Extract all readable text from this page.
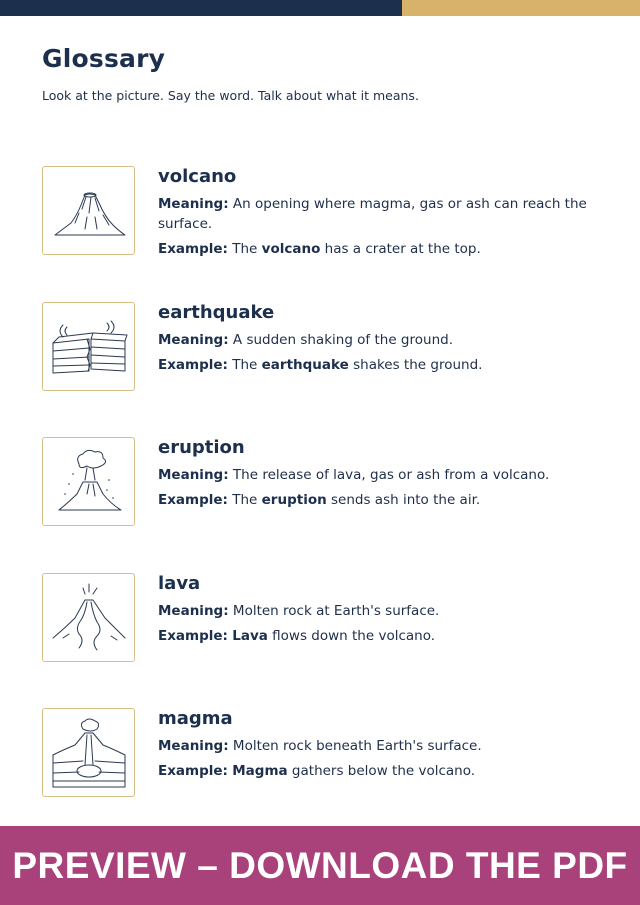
Glossary
Look at the picture. Say the word. Talk about what it means.
volcano
Meaning: An opening where magma, gas or ash can reach the surface.
Example: The volcano has a crater at the top.
earthquake
Meaning: A sudden shaking of the ground.
Example: The earthquake shakes the ground.
eruption
Meaning: The release of lava, gas or ash from a volcano.
Example: The eruption sends ash into the air.
lava
Meaning: Molten rock at Earth's surface.
Example: Lava flows down the volcano.
magma
Meaning: Molten rock beneath Earth's surface.
Example: Magma gathers below the volcano.
PREVIEW – DOWNLOAD THE PDF
